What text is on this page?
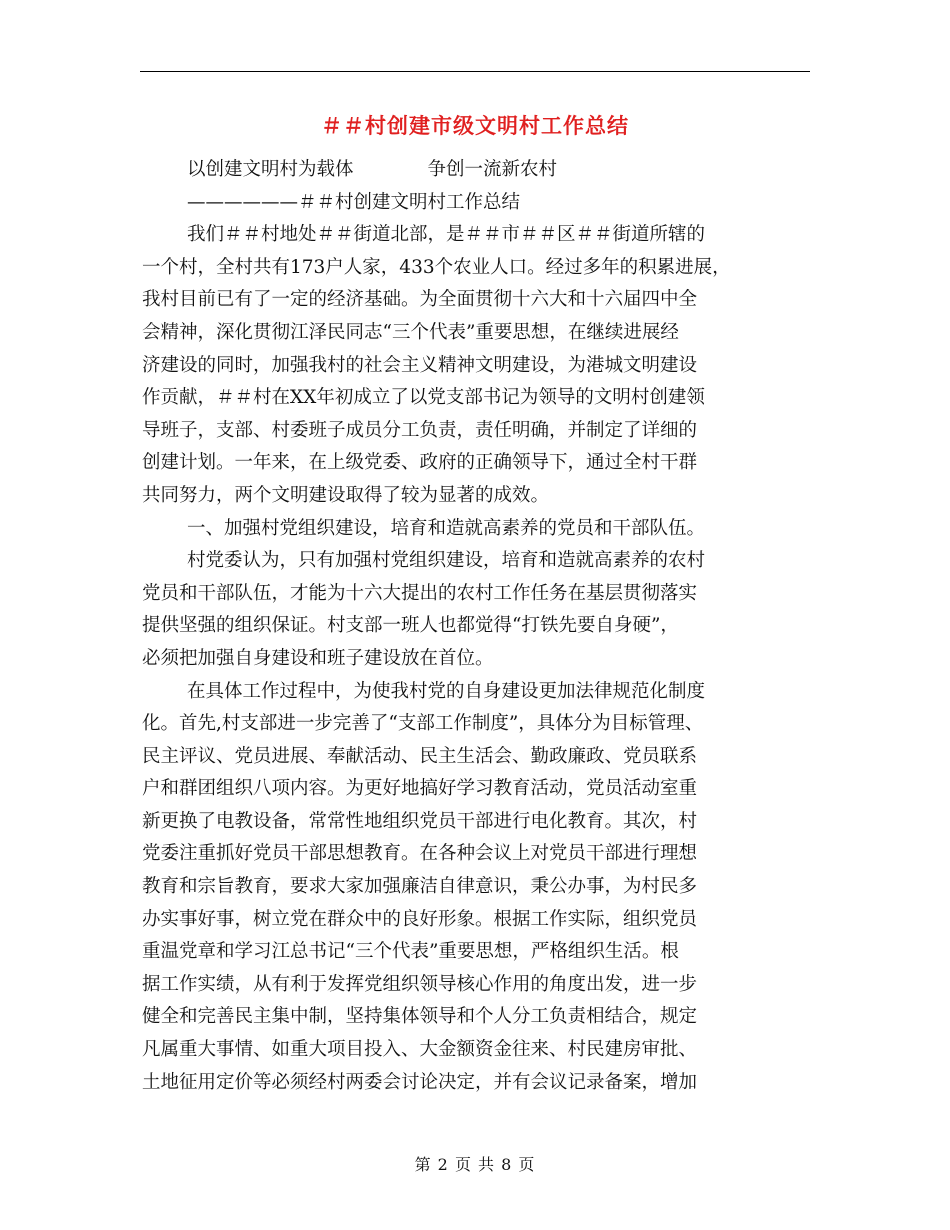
＃＃村创建市级文明村工作总结
以创建文明村为载体　　　　争创一流新农村
——————＃＃村创建文明村工作总结
我们＃＃村地处＃＃街道北部，是＃＃市＃＃区＃＃街道所辖的
一个村，全村共有173户人家，433个农业人口。经过多年的积累进展，
我村目前已有了一定的经济基础。为全面贯彻十六大和十六届四中全
会精神，深化贯彻江泽民同志“三个代表”重要思想，在继续进展经
济建设的同时，加强我村的社会主义精神文明建设，为港城文明建设
作贡献，＃＃村在XX年初成立了以党支部书记为领导的文明村创建领
导班子，支部、村委班子成员分工负责，责任明确，并制定了详细的
创建计划。一年来，在上级党委、政府的正确领导下，通过全村干群
共同努力，两个文明建设取得了较为显著的成效。
一、加强村党组织建设，培育和造就高素养的党员和干部队伍。
村党委认为，只有加强村党组织建设，培育和造就高素养的农村
党员和干部队伍，才能为十六大提出的农村工作任务在基层贯彻落实
提供坚强的组织保证。村支部一班人也都觉得“打铁先要自身硬”，
必须把加强自身建设和班子建设放在首位。
在具体工作过程中，为使我村党的自身建设更加法律规范化制度
化。首先,村支部进一步完善了“支部工作制度”，具体分为目标管理、
民主评议、党员进展、奉献活动、民主生活会、勤政廉政、党员联系
户和群团组织八项内容。为更好地搞好学习教育活动，党员活动室重
新更换了电教设备，常常性地组织党员干部进行电化教育。其次，村
党委注重抓好党员干部思想教育。在各种会议上对党员干部进行理想
教育和宗旨教育，要求大家加强廉洁自律意识，秉公办事，为村民多
办实事好事，树立党在群众中的良好形象。根据工作实际，组织党员
重温党章和学习江总书记“三个代表”重要思想，严格组织生活。根
据工作实绩，从有利于发挥党组织领导核心作用的角度出发，进一步
健全和完善民主集中制，坚持集体领导和个人分工负责相结合，规定
凡属重大事情、如重大项目投入、大金额资金往来、村民建房审批、
土地征用定价等必须经村两委会讨论决定，并有会议记录备案，增加
第 2 页 共 8 页
